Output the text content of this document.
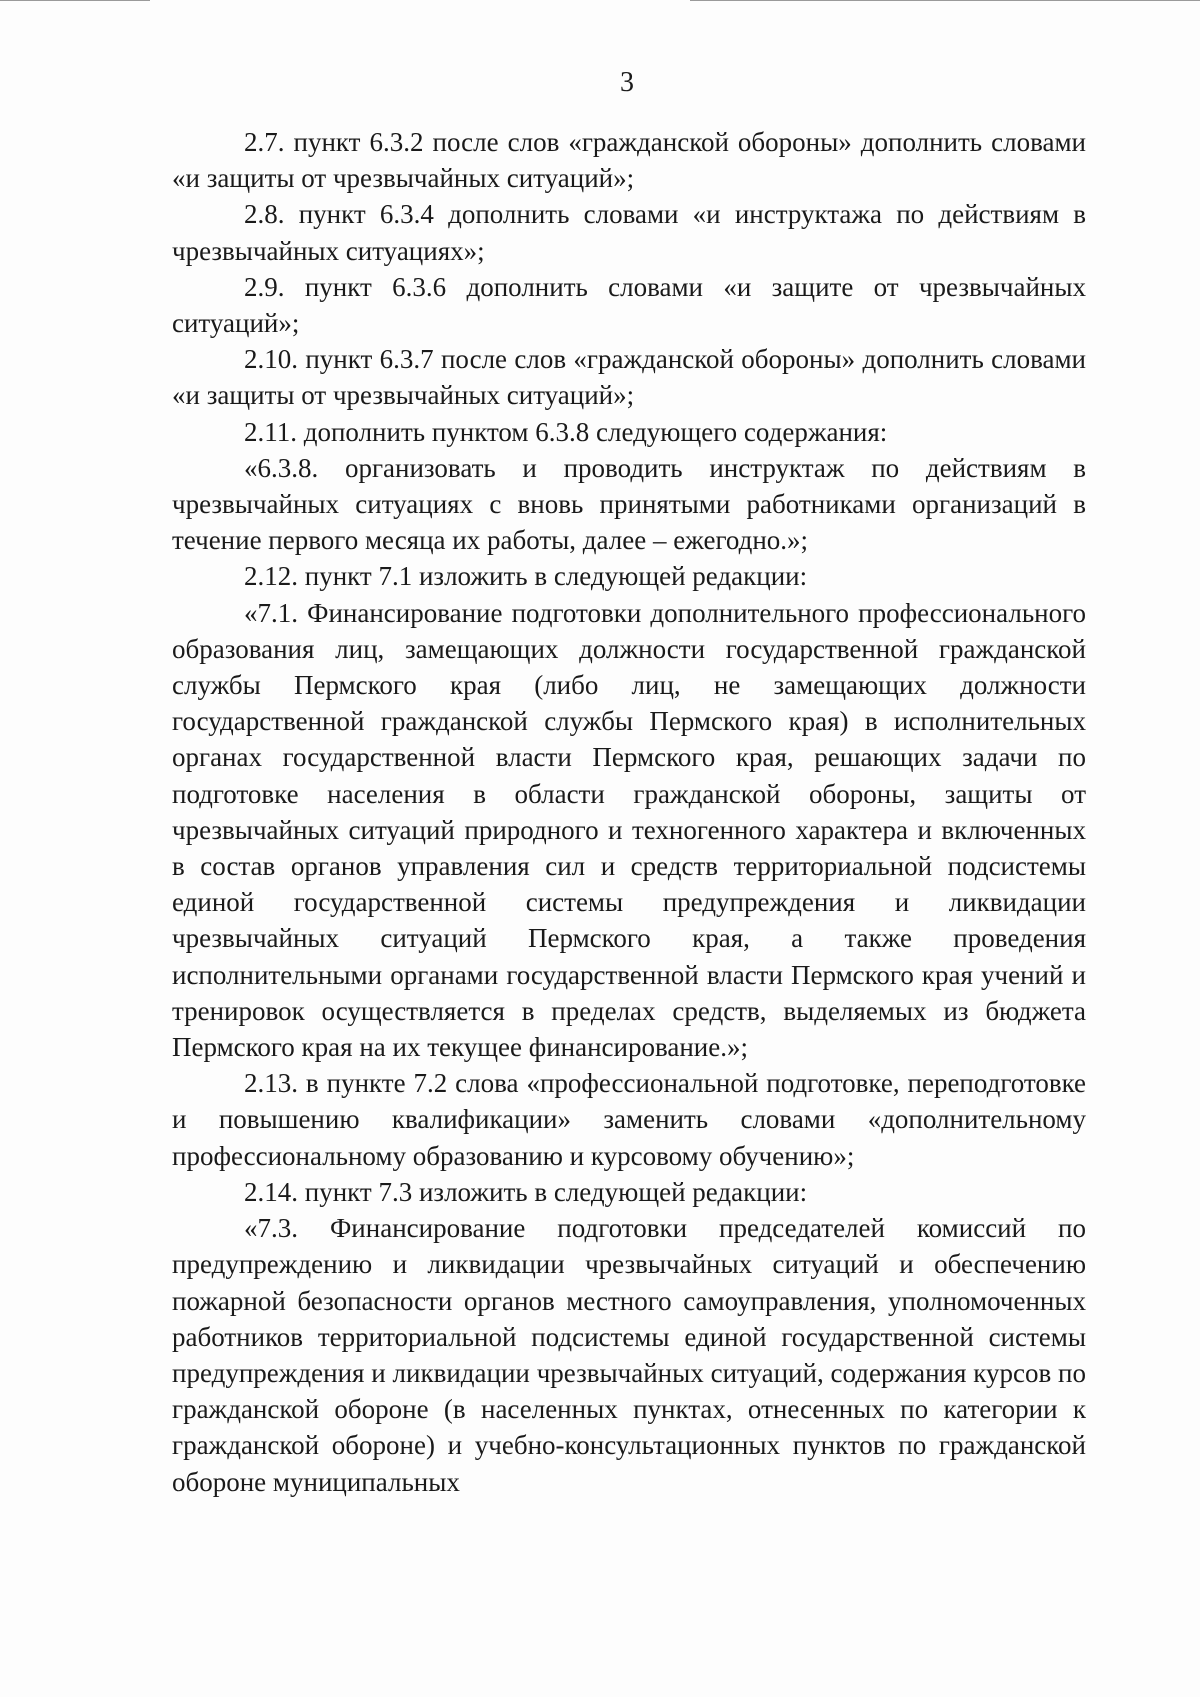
3

2.7. пункт 6.3.2 после слов «гражданской обороны» дополнить словами «и защиты от чрезвычайных ситуаций»;

2.8. пункт 6.3.4 дополнить словами «и инструктажа по действиям в чрезвычайных ситуациях»;

2.9. пункт 6.3.6 дополнить словами «и защите от чрезвычайных ситуаций»;

2.10. пункт 6.3.7 после слов «гражданской обороны» дополнить словами «и защиты от чрезвычайных ситуаций»;

2.11. дополнить пунктом 6.3.8 следующего содержания:

«6.3.8. организовать и проводить инструктаж по действиям в чрезвычайных ситуациях с вновь принятыми работниками организаций в течение первого месяца их работы, далее – ежегодно.»;

2.12. пункт 7.1 изложить в следующей редакции:

«7.1. Финансирование подготовки дополнительного профессионального образования лиц, замещающих должности государственной гражданской службы Пермского края (либо лиц, не замещающих должности государственной гражданской службы Пермского края) в исполнительных органах государственной власти Пермского края, решающих задачи по подготовке населения в области гражданской обороны, защиты от чрезвычайных ситуаций природного и техногенного характера и включенных в состав органов управления сил и средств территориальной подсистемы единой государственной системы предупреждения и ликвидации чрезвычайных ситуаций Пермского края, а также проведения исполнительными органами государственной власти Пермского края учений и тренировок осуществляется в пределах средств, выделяемых из бюджета Пермского края на их текущее финансирование.»;

2.13. в пункте 7.2 слова «профессиональной подготовке, переподготовке и повышению квалификации» заменить словами «дополнительному профессиональному образованию и курсовому обучению»;

2.14. пункт 7.3 изложить в следующей редакции:

«7.3. Финансирование подготовки председателей комиссий по предупреждению и ликвидации чрезвычайных ситуаций и обеспечению пожарной безопасности органов местного самоуправления, уполномоченных работников территориальной подсистемы единой государственной системы предупреждения и ликвидации чрезвычайных ситуаций, содержания курсов по гражданской обороне (в населенных пунктах, отнесенных по категории к гражданской обороне) и учебно-консультационных пунктов по гражданской обороне муниципальных
